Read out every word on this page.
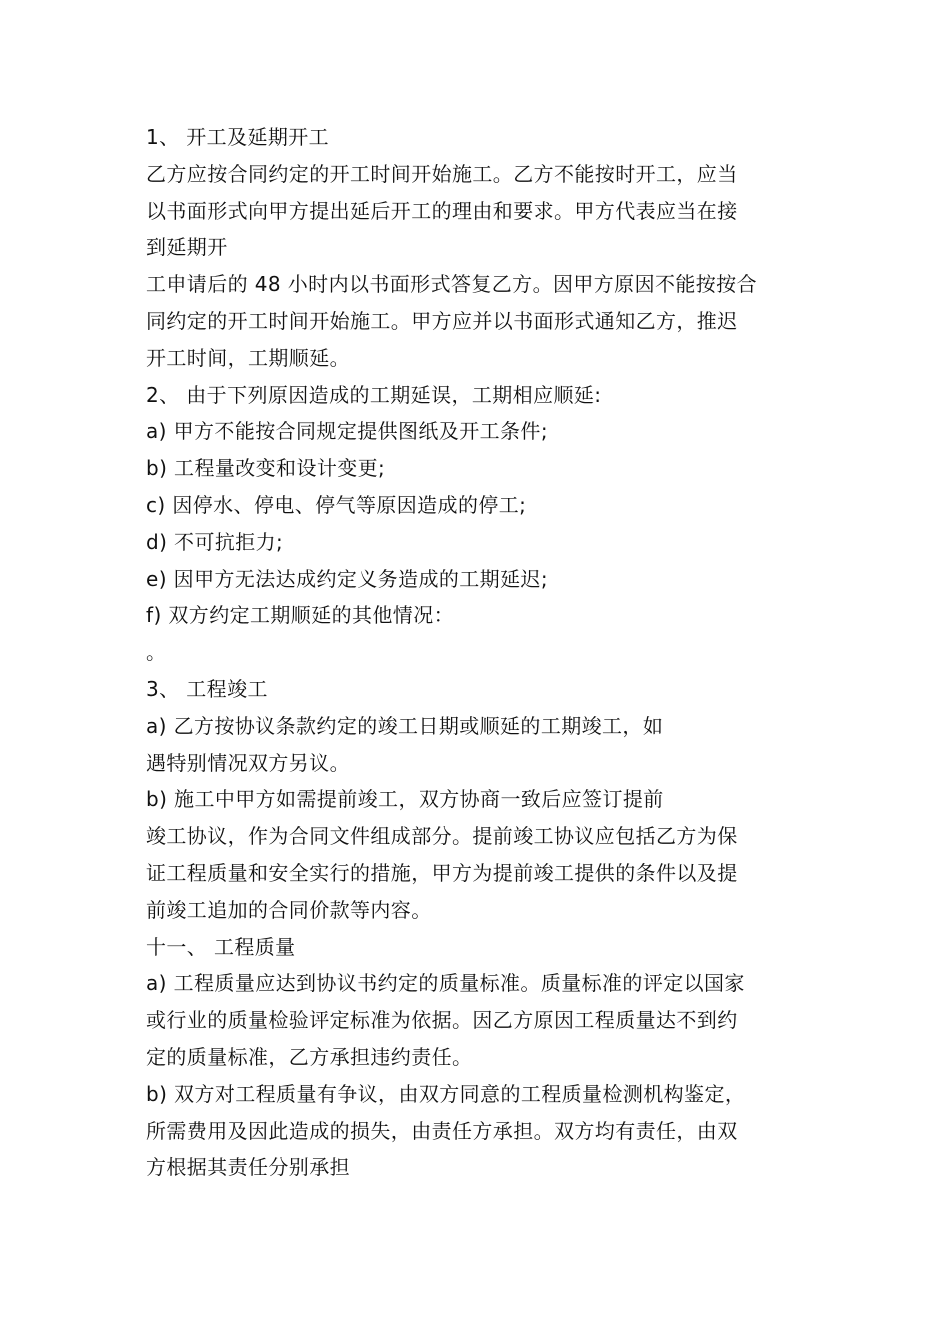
1、 开工及延期开工
乙方应按合同约定的开工时间开始施工。乙方不能按时开工，应当
以书面形式向甲方提出延后开工的理由和要求。甲方代表应当在接
到延期开
工申请后的 48 小时内以书面形式答复乙方。因甲方原因不能按按合
同约定的开工时间开始施工。甲方应并以书面形式通知乙方，推迟
开工时间，工期顺延。
2、 由于下列原因造成的工期延误，工期相应顺延:
a) 甲方不能按合同规定提供图纸及开工条件;
b) 工程量改变和设计变更;
c) 因停水、停电、停气等原因造成的停工;
d) 不可抗拒力;
e) 因甲方无法达成约定义务造成的工期延迟;
f) 双方约定工期顺延的其他情况：
。
3、 工程竣工
a) 乙方按协议条款约定的竣工日期或顺延的工期竣工，如
遇特别情况双方另议。
b) 施工中甲方如需提前竣工，双方协商一致后应签订提前
竣工协议，作为合同文件组成部分。提前竣工协议应包括乙方为保
证工程质量和安全实行的措施，甲方为提前竣工提供的条件以及提
前竣工追加的合同价款等内容。
十一、 工程质量
a) 工程质量应达到协议书约定的质量标准。质量标准的评定以国家
或行业的质量检验评定标准为依据。因乙方原因工程质量达不到约
定的质量标准，乙方承担违约责任。
b) 双方对工程质量有争议，由双方同意的工程质量检测机构鉴定，
所需费用及因此造成的损失，由责任方承担。双方均有责任，由双
方根据其责任分别承担
